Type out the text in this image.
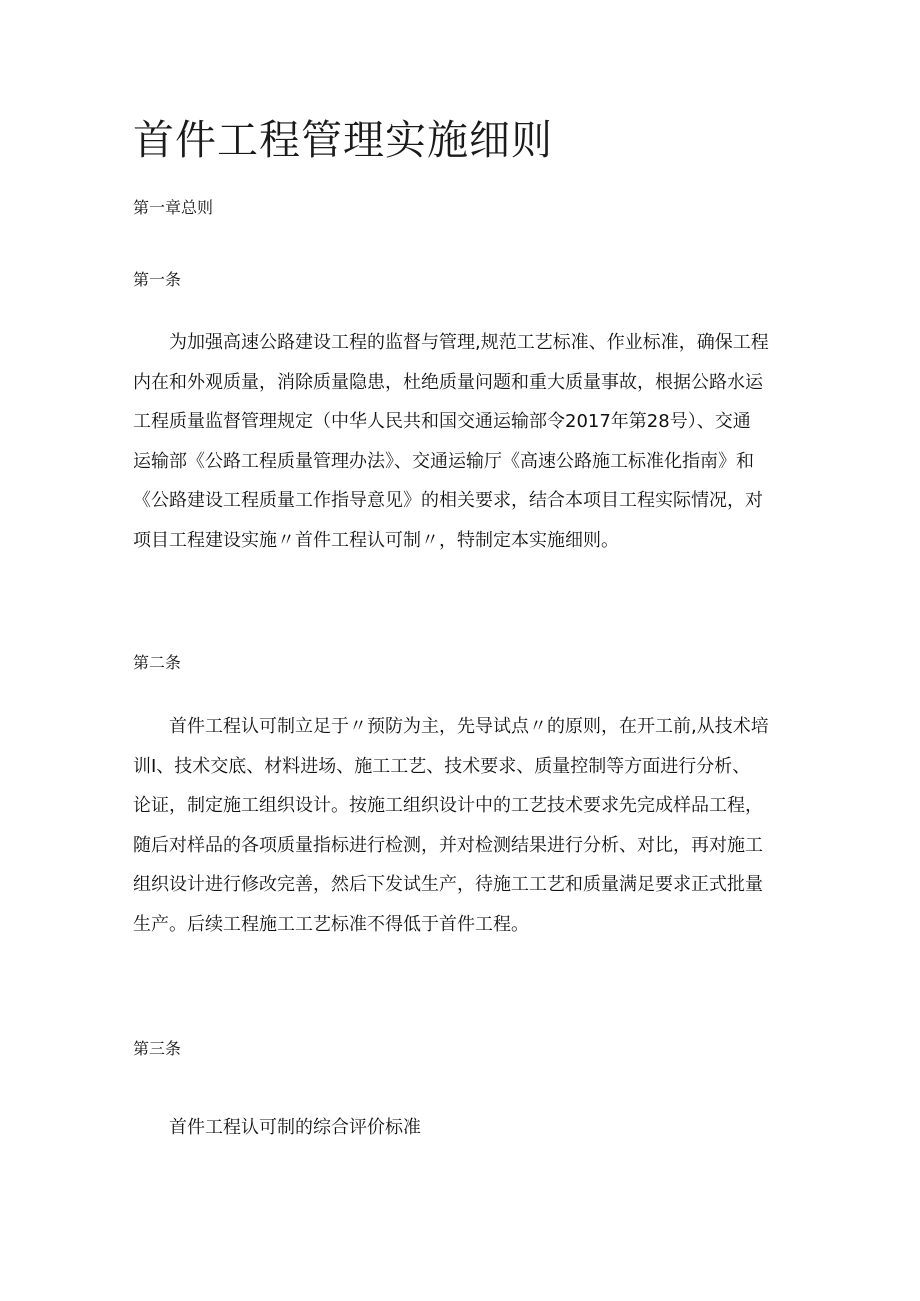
首件工程管理实施细则

第一章总则

第一条

为加强高速公路建设工程的监督与管理,规范工艺标准、作业标准，确保工程
内在和外观质量，消除质量隐患，杜绝质量问题和重大质量事故，根据公路水运
工程质量监督管理规定（中华人民共和国交通运输部令2017年第28号）、交通
运输部《公路工程质量管理办法》、交通运输厅《高速公路施工标准化指南》和
《公路建设工程质量工作指导意见》的相关要求，结合本项目工程实际情况，对
项目工程建设实施〃首件工程认可制〃，特制定本实施细则。

第二条

首件工程认可制立足于〃预防为主，先导试点〃的原则，在开工前,从技术培
训I、技术交底、材料进场、施工工艺、技术要求、质量控制等方面进行分析、
论证，制定施工组织设计。按施工组织设计中的工艺技术要求先完成样品工程，
随后对样品的各项质量指标进行检测，并对检测结果进行分析、对比，再对施工
组织设计进行修改完善，然后下发试生产，待施工工艺和质量满足要求正式批量
生产。后续工程施工工艺标准不得低于首件工程。

第三条

首件工程认可制的综合评价标准
